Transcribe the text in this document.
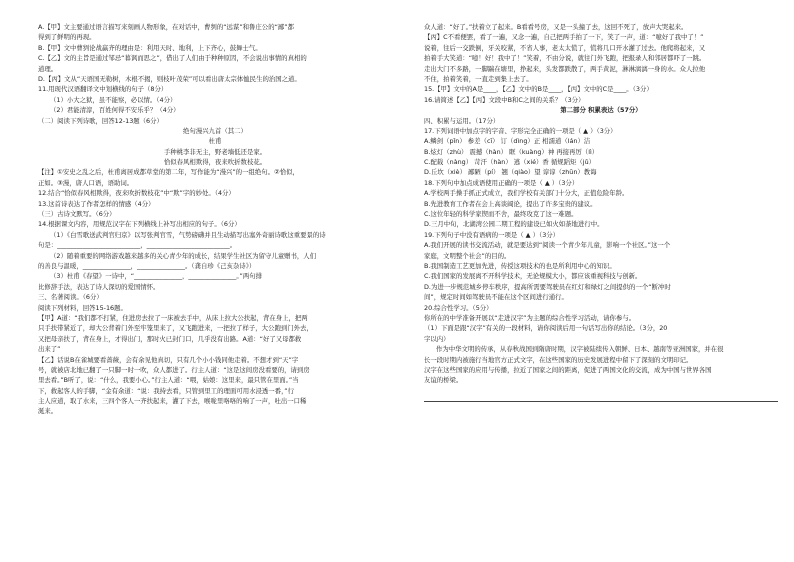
A.【甲】文主要通过语言描写来刻画人物形象，在对话中，曹刿的“远谋”和鲁庄公的“鄙”都
得到了鲜明的再现。
B.【甲】文中曹刿论战赢齐的理由是：利用天时、地利，上下齐心，鼓舞士气。
C.【乙】文的主旨是通过邹忌“暮讽而思之”，借出了人们由于种种原因，不会说出事情的真相的
道理。
D.【丙】文从“天语国无勒树，木根不揭，则枝叶茂荣”可以看出唐太宗体恤民生的治国之道。
11.用现代汉语翻译文中划横线的句子（8分）
（1）小大之狱，虽不能察，必以情。（4分）
（2）君能清淳，百姓何得不安乐乎？（4分）
（二）阅读下列诗歌，回答12-13题（6分）
绝句漫兴九首（其二）
杜甫
手种桃李非无主，野老墙低还是家。
恰似春风相欺得，夜来吹折数枝花。
【注】①安史之乱之后，杜甫离居成都草堂的第二年，写作能为“漫兴”的一组绝句。②恰似，
正如。③漫，唐人口语，语助词。
12.结合“恰似春风相欺得，夜来吹折数枝花”中“欺”字的妙处。（4分）
13.这首诗表达了作者怎样的情感（4分）
（三）古诗文默写。（6分）
14.根据课文内容，用规范汉字在下列横线上补写出相应的句子。（6分）
（1）《白雪歌送武判官归京》以写张判官雪，气势磅礴并且生动描写出塞外奇丽诗歌这重要景的诗
句是：__________________________，__________________________。
（2）随着重要的网络游戏越来越多的关心青少年的成长，结果学生社区为留守儿童赠书，人们
的善良与温暖，_______________，_______________。（龚自珍《己亥杂诗》）
（3）杜甫《春望》一诗中，“_______________，_______________。”两句排
比修辞手法，表达了诗人深切的爱国情怀。
三、名著阅读。（6分）
阅读下列材料，回答15-16题。
【甲】A道：“我们都不打紧，住进房去拉了一床被去手中，从床上拉大公扶起，背在身上，把两
只手扶带紧近了，却大公背着门外至牢笼里来了，又飞跑进来，一把拉了样子，大公跑到门外去，
又把母亲扶了，背在身上，才得出门，那时火已封门口，几乎没有出路。A道：“好了又母都救
出来了”
【乙】话说B在雀城要看蔷薇，会有余见他真切，只有几个小小钱同他走着。不想才到“天”字
号，就被店北地已翻了一只脚一时一吹，众人都进了。行主人道：“这是这间房没看要的，请到房
里去看。”B听了，说：“什么，我要小心。”行主人道：“喂，姑娘：这里来，最只管在里面。”当
下，救起客人的手脚，“金有余道：“说：我持去看，只管到里工的理面可用水浸透一番，”行
主人应道，取了水来，三四个客人一齐扶起来，灌了下去，喉咙里咯咯的响了一声，吐出一口稀
涎来。
众人道：“好了。”扶着立了起来。B看看号房，又是一头撞了去，这回不死了，放声大哭起来。
【丙】C不看便罢，看了一遍，又念一遍，自己把两手拍了一下，笑了一声，道：“噫好了我中了！”
说着，往后一交跌倒，牙关咬紧，不省人事，老太太慌了，慌将几口开水灌了过去。他爬将起来，又
拍着手大笑道：“噫！好！我中了！”笑着，不由分说，就往门外飞跑，把报录人和邻居都吓了一跳。
走出大门不多路，一脚踹在塘里，挣起来，头发都跌散了，两手黄泥，淋淋漓漓一身的水。众人拉他
不住，拍着笑着，一直走到集上去了。
15.【甲】文中的A是____，【乙】文中的B是____，【丙】文中的C是____。（3分）
16.请简述【乙】【丙】文段中B和C之间的关系？（3分）
第二部分 积累表达（57分）
四、积累与运用。（17分）
17.下列词语中加点字的字音、字形完全正确的一项是（ ▲ ）（3分）
A.鳞剑（pǐn） 参差（cī） 订（dìng）正 相濡道（lán）洁
B.炫灯（zhù） 震撼（hàn） 眶（kuàng）神 再接再厉（lì）
C.配载（nàng） 苛汗（hàn） 逃（xié）香 循规蹈矩（jǔ）
D.丘坎（xiè） 鄙陋（pí） 翘（qiào）望 谆谆（zhūn）教诲
18.下列句中加点成语使用正确的一项是（ ▲ ）（3分）
A.学校两手操手抓正式成立，我们学校有关部门十分大，正值危险年龄。
B.先进教育工作者在会上高谈阔论，提出了许多宝贵的建议。
C.这位年轻的科学家锲而不舍，最终攻克了这一难题。
D.三月中旬，北湖湾公园二期工程的建设已如火如荼地进行中。
19.下列句子中没有语病的一项是（ ▲ ）（3分）
A.我们开展的读书交流活动，就是要达到“阅读一个青少年儿童，影响一个社区。”这一个
家庭，文明整个社会”的目的。
B.我国制造工艺更加先进，传授这项技术的也是所利用中心的知识。
C.我们国家的发展离不开科学技术，无论规模大小，都应该重视科技与创新。
D.为进一步规范城乡停车秩序，提高所需要驾驶员在红灯和绿灯之间提供的一个“断冲时
间”，规定时间如驾驶员不能在这个区间进行通行。
20.综合性学习。（5分）
你所在的中学准备开展以“走进汉字”为主题的综合性学习活动，请你参与。
（1）下面是跟“汉字”有关的一段材料，请你阅读后用一句话写出你的结论。（3分，20
字以内）
作为中华文明的传承，从春秋战国到隋唐时期，汉字被陆续传入朝鲜、日本、越南等亚洲国家，并在很
长一段时期内被施行当地官方正式文字，在这些国家的历史发展进程中留下了深刻的文明印记。
汉字在这些国家的应用与传播，拉近了国家之间的距离，促进了两国文化的交流，成为中国与世界各国
友谊的桥梁。
